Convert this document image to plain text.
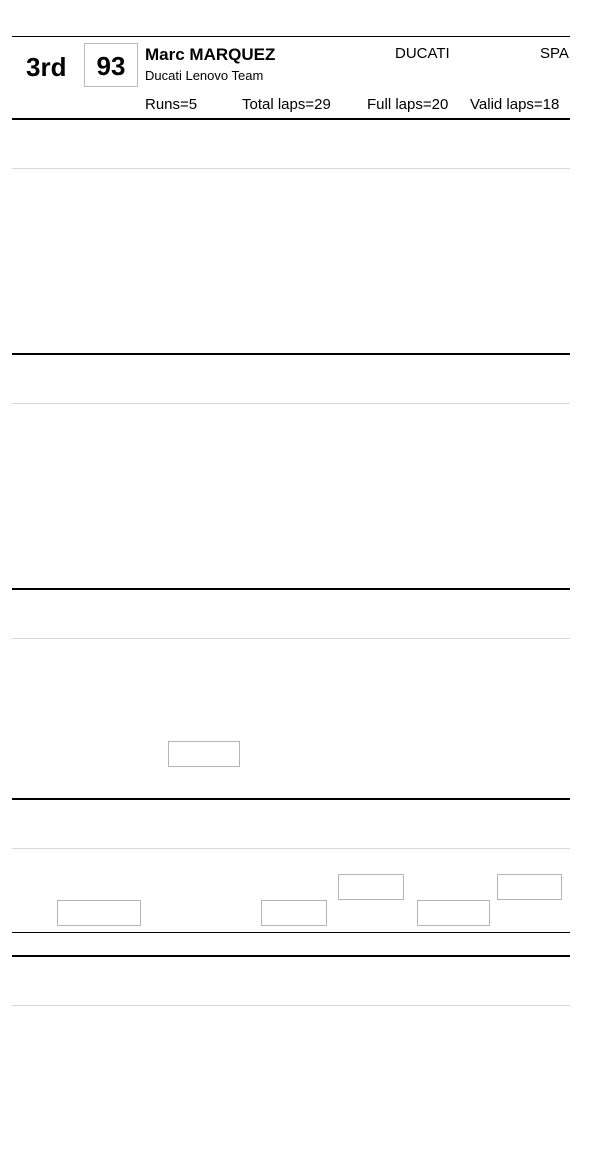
3rd	93	Marc MARQUEZ
Ducati Lenovo Team
DUCATI	SPA
Runs=5	Total laps=29 Full laps=20 Valid laps=18
